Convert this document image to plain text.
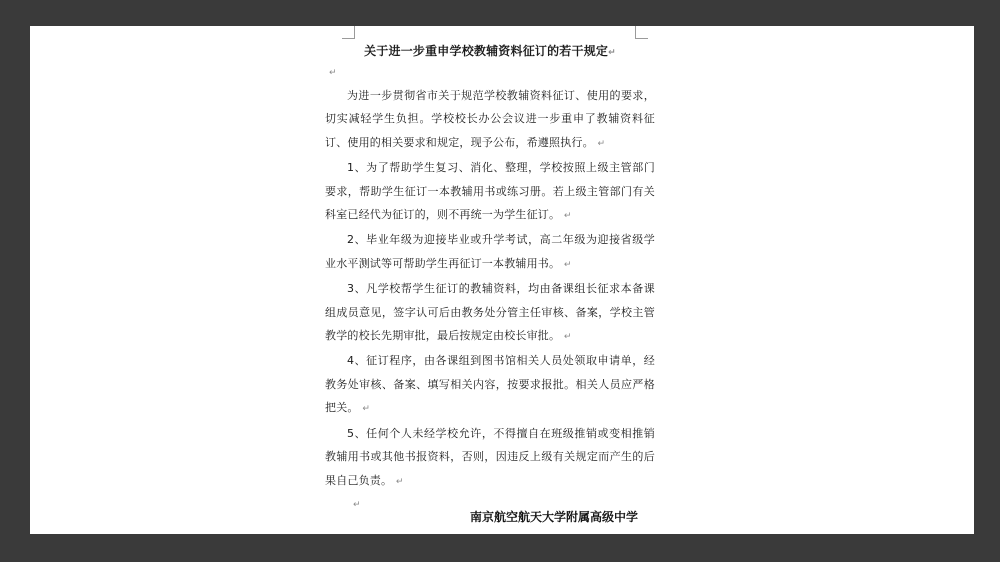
关于进一步重申学校教辅资料征订的若干规定↵

↵

为进一步贯彻省市关于规范学校教辅资料征订、使用的要求，切实减轻学生负担。学校校长办公会议进一步重申了教辅资料征订、使用的相关要求和规定，现予公布，希遵照执行。 ↵

1、为了帮助学生复习、消化、整理，学校按照上级主管部门要求，帮助学生征订一本教辅用书或练习册。若上级主管部门有关科室已经代为征订的，则不再统一为学生征订。 ↵

2、毕业年级为迎接毕业或升学考试，高二年级为迎接省级学业水平测试等可帮助学生再征订一本教辅用书。 ↵

3、凡学校帮学生征订的教辅资料，均由备课组长征求本备课组成员意见，签字认可后由教务处分管主任审核、备案，学校主管教学的校长先期审批，最后按规定由校长审批。 ↵

4、征订程序，由各课组到图书馆相关人员处领取申请单，经教务处审核、备案、填写相关内容，按要求报批。相关人员应严格把关。 ↵

5、任何个人未经学校允许，不得擅自在班级推销或变相推销教辅用书或其他书报资料，否则，因违反上级有关规定而产生的后果自己负责。 ↵

↵
南京航空航天大学附属高级中学
